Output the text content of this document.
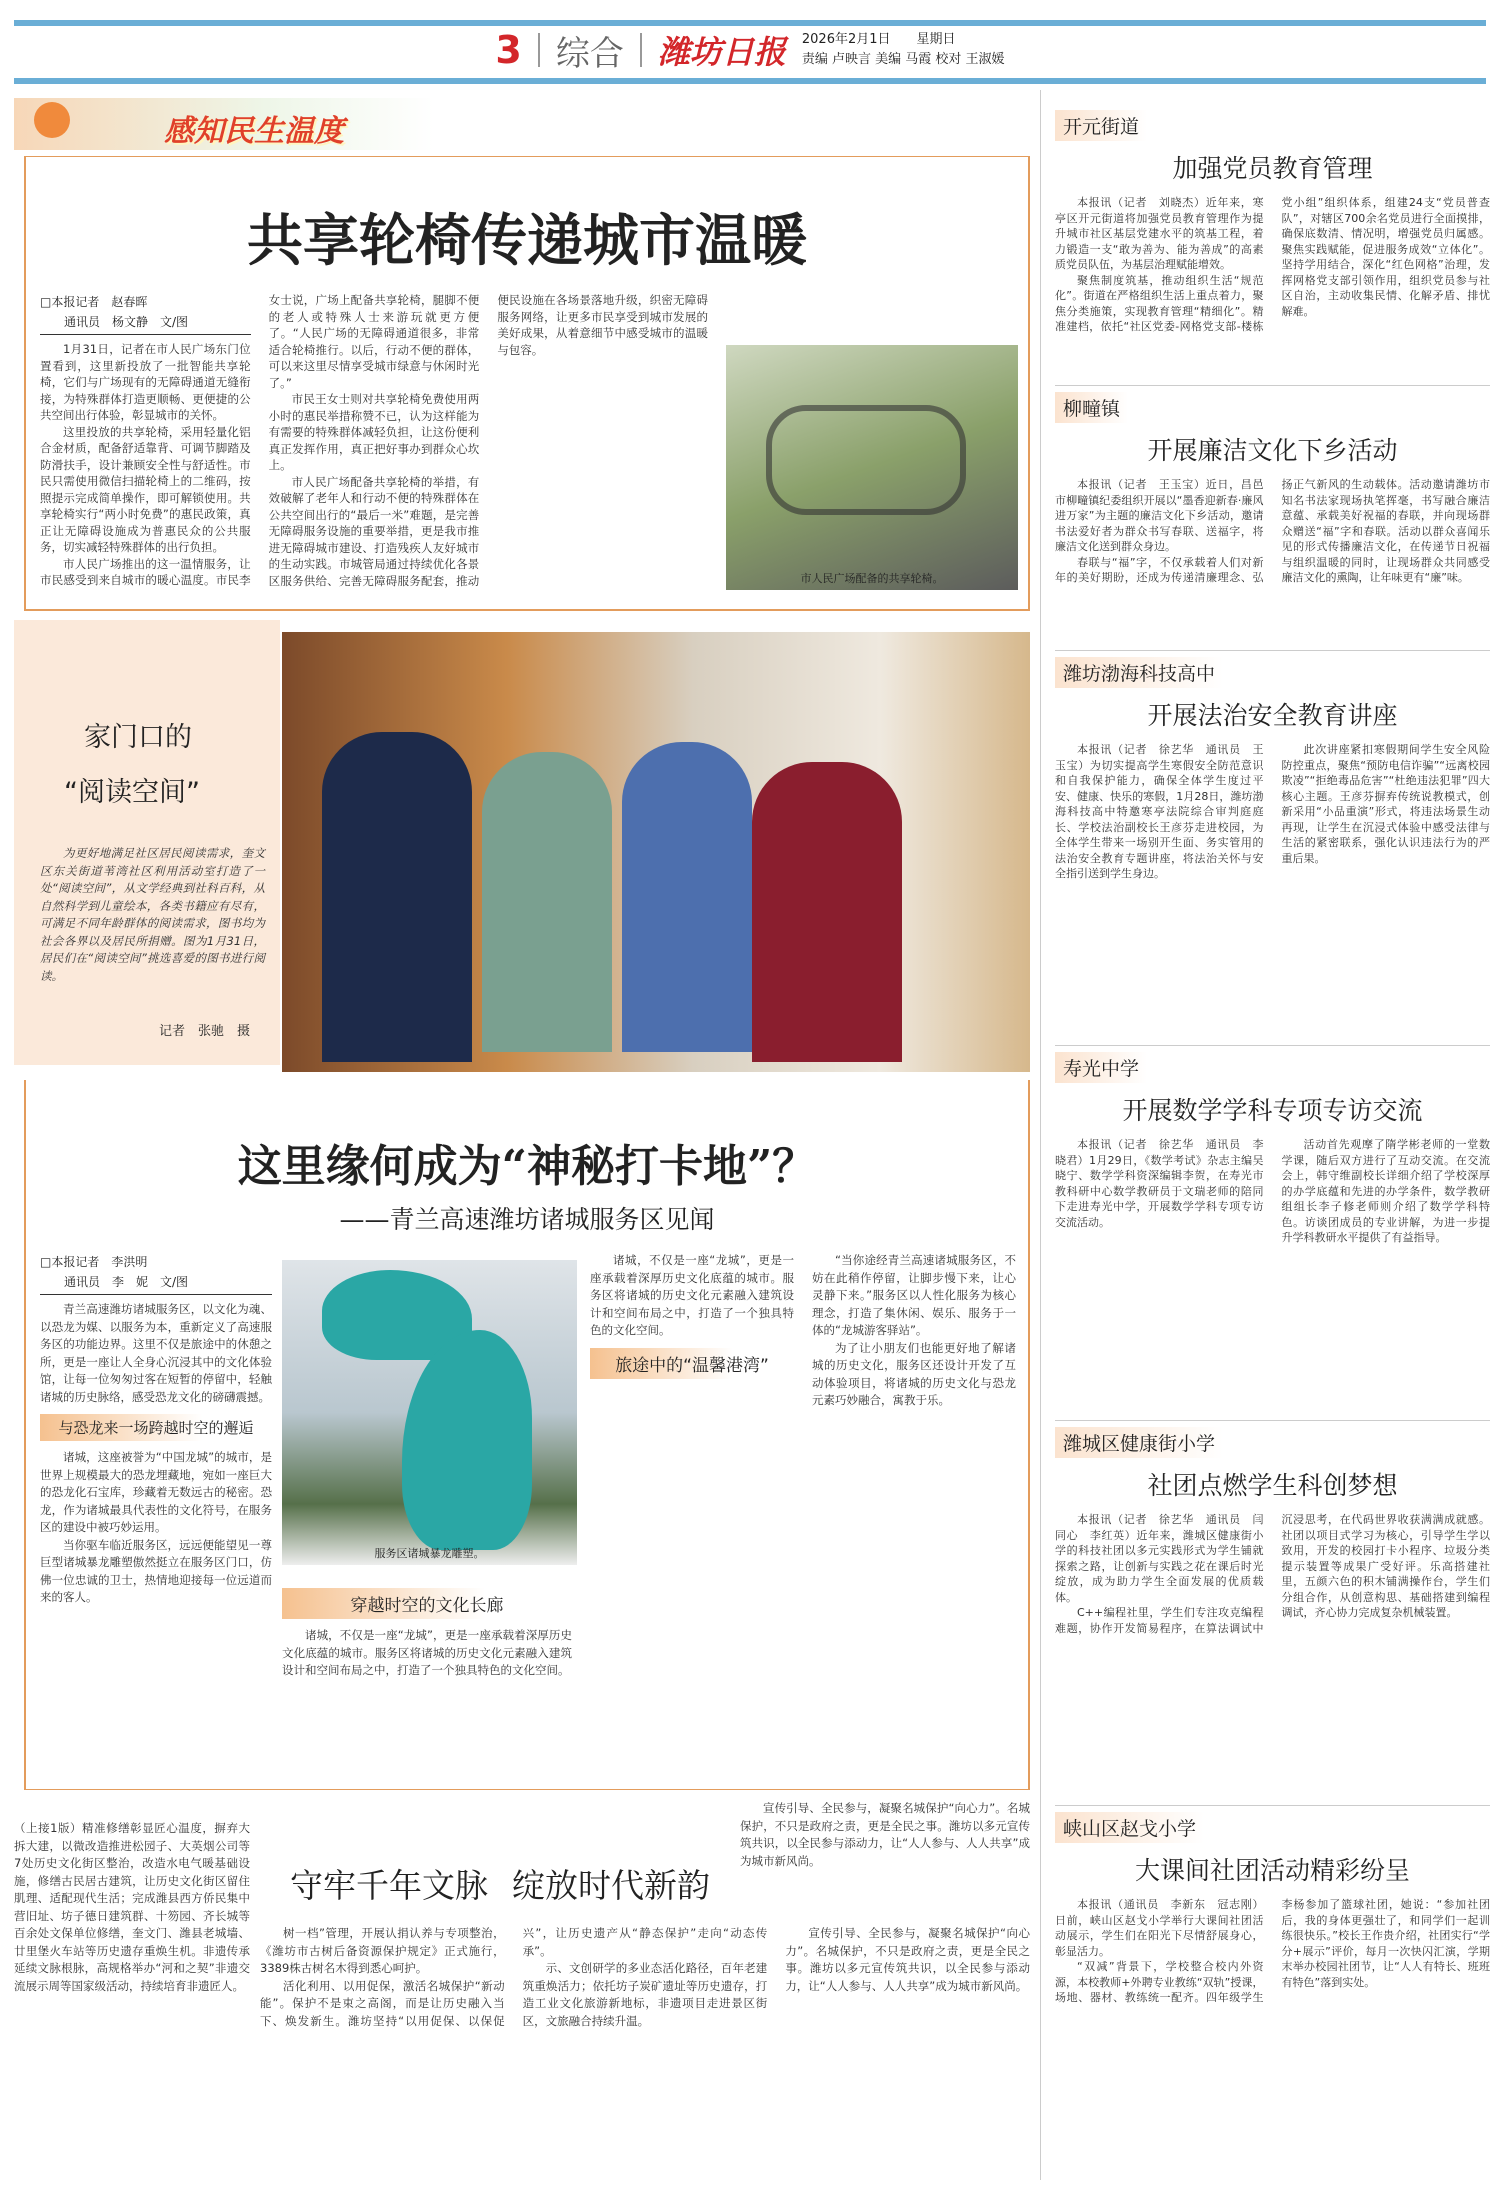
3 综合 潍坊日报 2026年2月1日　　 星期日
责编 卢映言 美编 马霞 校对 王淑媛
感知民生温度
共享轮椅传递城市温暖
□本报记者　赵春晖
通讯员　杨文静　文/图

1月31日，记者在市人民广场东门位置看到，这里新投放了一批智能共享轮椅，它们与广场现有的无障碍通道无缝衔接，为特殊群体打造更顺畅、更便捷的公共空间出行体验，彰显城市的关怀。

这里投放的共享轮椅，采用轻量化铝合金材质，配备舒适靠背、可调节脚踏及防滑扶手，设计兼顾安全性与舒适性。市民只需使用微信扫描轮椅上的二维码，按照提示完成简单操作，即可解锁使用。共享轮椅实行“两小时免费”的惠民政策，真正让无障碍设施成为普惠民众的公共服务，切实减轻特殊群体的出行负担。

市人民广场推出的这一温情服务，让市民感受到来自城市的暖心温度。市民李女士说，广场上配备共享轮椅，腿脚不便的老人或特殊人士来游玩就更方便了。“人民广场的无障碍通道很多，非常适合轮椅推行。以后，行动不便的群体，可以来这里尽情享受城市绿意与休闲时光了。”

市民王女士则对共享轮椅免费使用两小时的惠民举措称赞不已，认为这样能为有需要的特殊群体减轻负担，让这份便利真正发挥作用，真正把好事办到群众心坎上。

市人民广场配备共享轮椅的举措，有效破解了老年人和行动不便的特殊群体在公共空间出行的“最后一米”难题，是完善无障碍服务设施的重要举措，更是我市推进无障碍城市建设、打造残疾人友好城市的生动实践。市城管局通过持续优化各景区服务供给、完善无障碍服务配套，推动便民设施在各场景落地升级，织密无障碍服务网络，让更多市民享受到城市发展的美好成果，从着意细节中感受城市的温暖与包容。

市人民广场配备的共享轮椅。
家门口的
“阅读空间”
为更好地满足社区居民阅读需求，奎文区东关街道苇湾社区利用活动室打造了一处“阅读空间”，从文学经典到社科百科，从自然科学到儿童绘本，各类书籍应有尽有，可满足不同年龄群体的阅读需求，图书均为社会各界以及居民所捐赠。图为1月31日，居民们在“阅读空间”挑选喜爱的图书进行阅读。
记者　张驰　摄
这里缘何成为“神秘打卡地”？
——青兰高速潍坊诸城服务区见闻
□本报记者　李洪明
通讯员　李　妮　文/图

青兰高速潍坊诸城服务区，以文化为魂、以恐龙为媒、以服务为本，重新定义了高速服务区的功能边界。这里不仅是旅途中的休憩之所，更是一座让人全身心沉浸其中的文化体验馆，让每一位匆匆过客在短暂的停留中，轻触诸城的历史脉络，感受恐龙文化的磅礴震撼。

与恐龙来一场跨越时空的邂逅

诸城，这座被誉为“中国龙城”的城市，是世界上规模最大的恐龙埋藏地，宛如一座巨大的恐龙化石宝库，珍藏着无数远古的秘密。恐龙，作为诸城最具代表性的文化符号，在服务区的建设中被巧妙运用。

当你驱车临近服务区，远远便能望见一尊巨型诸城暴龙雕塑傲然挺立在服务区门口，仿佛一位忠诚的卫士，热情地迎接每一位远道而来的客人。

服务区诸城暴龙雕塑。
穿越时空的文化长廊

诸城，不仅是一座“龙城”，更是一座承载着深厚历史文化底蕴的城市。服务区将诸城的历史文化元素融入建筑设计和空间布局之中，打造了一个独具特色的文化空间。

诸城，不仅是一座“龙城”，更是一座承载着深厚历史文化底蕴的城市。服务区将诸城的历史文化元素融入建筑设计和空间布局之中，打造了一个独具特色的文化空间。

旅途中的“温馨港湾”

“当你途经青兰高速诸城服务区，不妨在此稍作停留，让脚步慢下来，让心灵静下来。”服务区以人性化服务为核心理念，打造了集休闲、娱乐、服务于一体的“龙城游客驿站”。

为了让小朋友们也能更好地了解诸城的历史文化，服务区还设计开发了互动体验项目，将诸城的历史文化与恐龙元素巧妙融合，寓教于乐。

（上接1版）精准修缮彰显匠心温度，摒弃大拆大建，以微改造推进松园子、大英烟公司等7处历史文化街区整治，改造水电气暖基础设施，修缮古民居古建筑，让历史文化街区留住肌理、适配现代生活；完成潍县西方侨民集中营旧址、坊子德日建筑群、十笏园、齐长城等百余处文保单位修缮，奎文门、潍县老城墙、廿里堡火车站等历史遗存重焕生机。非遗传承延续文脉根脉，高规格举办“河和之契”非遗交流展示周等国家级活动，持续培育非遗匠人。

守牢千年文脉 绽放时代新韵

树一档”管理，开展认捐认养与专项整治，《潍坊市古树后备资源保护规定》正式施行，3389株古树名木得到悉心呵护。

活化利用、以用促保，激活名城保护“新动能”。保护不是束之高阁，而是让历史融入当下、焕发新生。潍坊坚持“以用促保、以保促兴”，让历史遗产从“静态保护”走向“动态传承”。

示、文创研学的多业态活化路径，百年老建筑重焕活力；依托坊子炭矿遗址等历史遗存，打造工业文化旅游新地标，非遗项目走进景区街区，文旅融合持续升温。

宣传引导、全民参与，凝聚名城保护“向心力”。名城保护，不只是政府之责，更是全民之事。潍坊以多元宣传筑共识，以全民参与添动力，让“人人参与、人人共享”成为城市新风尚。

宣传引导、全民参与，凝聚名城保护“向心力”。名城保护，不只是政府之责，更是全民之事。潍坊以多元宣传筑共识，以全民参与添动力，让“人人参与、人人共享”成为城市新风尚。

开元街道
加强党员教育管理

本报讯（记者　刘晓杰）近年来，寒亭区开元街道将加强党员教育管理作为提升城市社区基层党建水平的筑基工程，着力锻造一支“敢为善为、能为善成”的高素质党员队伍，为基层治理赋能增效。

聚焦制度筑基，推动组织生活“规范化”。街道在严格组织生活上重点着力，聚焦分类施策，实现教育管理“精细化”。精准建档，依托“社区党委-网格党支部-楼栋党小组”组织体系，组建24支“党员普查队”，对辖区700余名党员进行全面摸排，确保底数清、情况明，增强党员归属感。聚焦实践赋能，促进服务成效“立体化”。坚持学用结合，深化“红色网格”治理，发挥网格党支部引领作用，组织党员参与社区自治，主动收集民情、化解矛盾、排忧解难。

柳疃镇
开展廉洁文化下乡活动

本报讯（记者　王玉宝）近日，昌邑市柳疃镇纪委组织开展以“墨香迎新春·廉风进万家”为主题的廉洁文化下乡活动，邀请书法爱好者为群众书写春联、送福字，将廉洁文化送到群众身边。

春联与“福”字，不仅承载着人们对新年的美好期盼，还成为传递清廉理念、弘扬正气新风的生动载体。活动邀请潍坊市知名书法家现场执笔挥毫，书写融合廉洁意蕴、承载美好祝福的春联，并向现场群众赠送“福”字和春联。活动以群众喜闻乐见的形式传播廉洁文化，在传递节日祝福与组织温暖的同时，让现场群众共同感受廉洁文化的熏陶，让年味更有“廉”味。

潍坊渤海科技高中
开展法治安全教育讲座

本报讯（记者　徐艺华　通讯员　王玉宝）为切实提高学生寒假安全防范意识和自我保护能力，确保全体学生度过平安、健康、快乐的寒假，1月28日，潍坊渤海科技高中特邀寒亭法院综合审判庭庭长、学校法治副校长王彦芬走进校园，为全体学生带来一场别开生面、务实管用的法治安全教育专题讲座，将法治关怀与安全指引送到学生身边。

此次讲座紧扣寒假期间学生安全风险防控重点，聚焦“预防电信诈骗”“远离校园欺凌”“拒绝毒品危害”“杜绝违法犯罪”四大核心主题。王彦芬摒弃传统说教模式，创新采用“小品重演”形式，将违法场景生动再现，让学生在沉浸式体验中感受法律与生活的紧密联系，强化认识违法行为的严重后果。

寿光中学
开展数学学科专项专访交流

本报讯（记者　徐艺华　通讯员　李晓君）1月29日，《数学考试》杂志主编吴晓宁、数学学科资深编辑李贺，在寿光市教科研中心数学教研员于文瑞老师的陪同下走进寿光中学，开展数学学科专项专访交流活动。

活动首先观摩了隋学彬老师的一堂数学课，随后双方进行了互动交流。在交流会上，韩守维副校长详细介绍了学校深厚的办学底蕴和先进的办学条件，数学教研组组长李子修老师则介绍了数学学科特色。访谈团成员的专业讲解，为进一步提升学科教研水平提供了有益指导。

潍城区健康街小学
社团点燃学生科创梦想

本报讯（记者　徐艺华　通讯员　闫同心　李红英）近年来，潍城区健康街小学的科技社团以多元实践形式为学生铺就探索之路，让创新与实践之花在课后时光绽放，成为助力学生全面发展的优质载体。

C++编程社里，学生们专注攻克编程难题，协作开发简易程序，在算法调试中沉浸思考，在代码世界收获满满成就感。社团以项目式学习为核心，引导学生学以致用，开发的校园打卡小程序、垃圾分类提示装置等成果广受好评。乐高搭建社里，五颜六色的积木铺满操作台，学生们分组合作，从创意构思、基础搭建到编程调试，齐心协力完成复杂机械装置。

峡山区赵戈小学
大课间社团活动精彩纷呈

本报讯（通讯员　李新东　冠志刚）日前，峡山区赵戈小学举行大课间社团活动展示，学生们在阳光下尽情舒展身心，彰显活力。

“双减”背景下，学校整合校内外资源，本校教师+外聘专业教练“双轨”授课，场地、器材、教练统一配齐。四年级学生李杨参加了篮球社团，她说：“参加社团后，我的身体更强壮了，和同学们一起训练很快乐。”校长王作贵介绍，社团实行“学分+展示”评价，每月一次快闪汇演，学期末举办校园社团节，让“人人有特长、班班有特色”落到实处。
